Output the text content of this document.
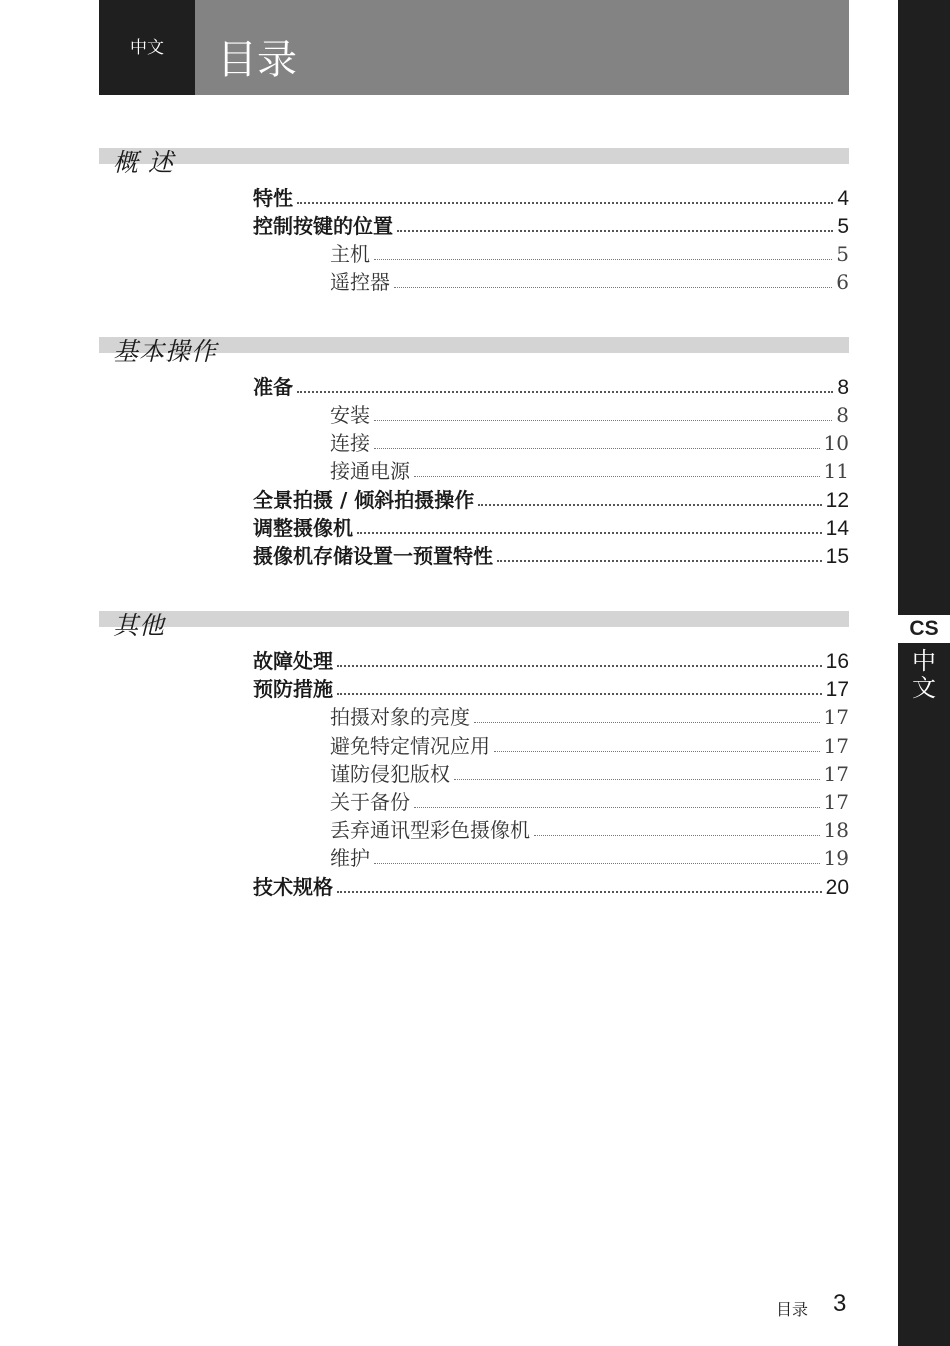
中文 目录
CS
中
文
概 述
特性	4
控制按键的位置	5
主机	5
遥控器	6
基本操作
准备	8
安装	8
连接	10
接通电源	11
全景拍摄 / 倾斜拍摄操作	12
调整摄像机	14
摄像机存储设置一预置特性	15
其他
故障处理	16
预防措施	17
拍摄对象的亮度	17
避免特定情况应用	17
谨防侵犯版权	17
关于备份	17
丢弃通讯型彩色摄像机	18
维护	19
技术规格	20
目录 3
